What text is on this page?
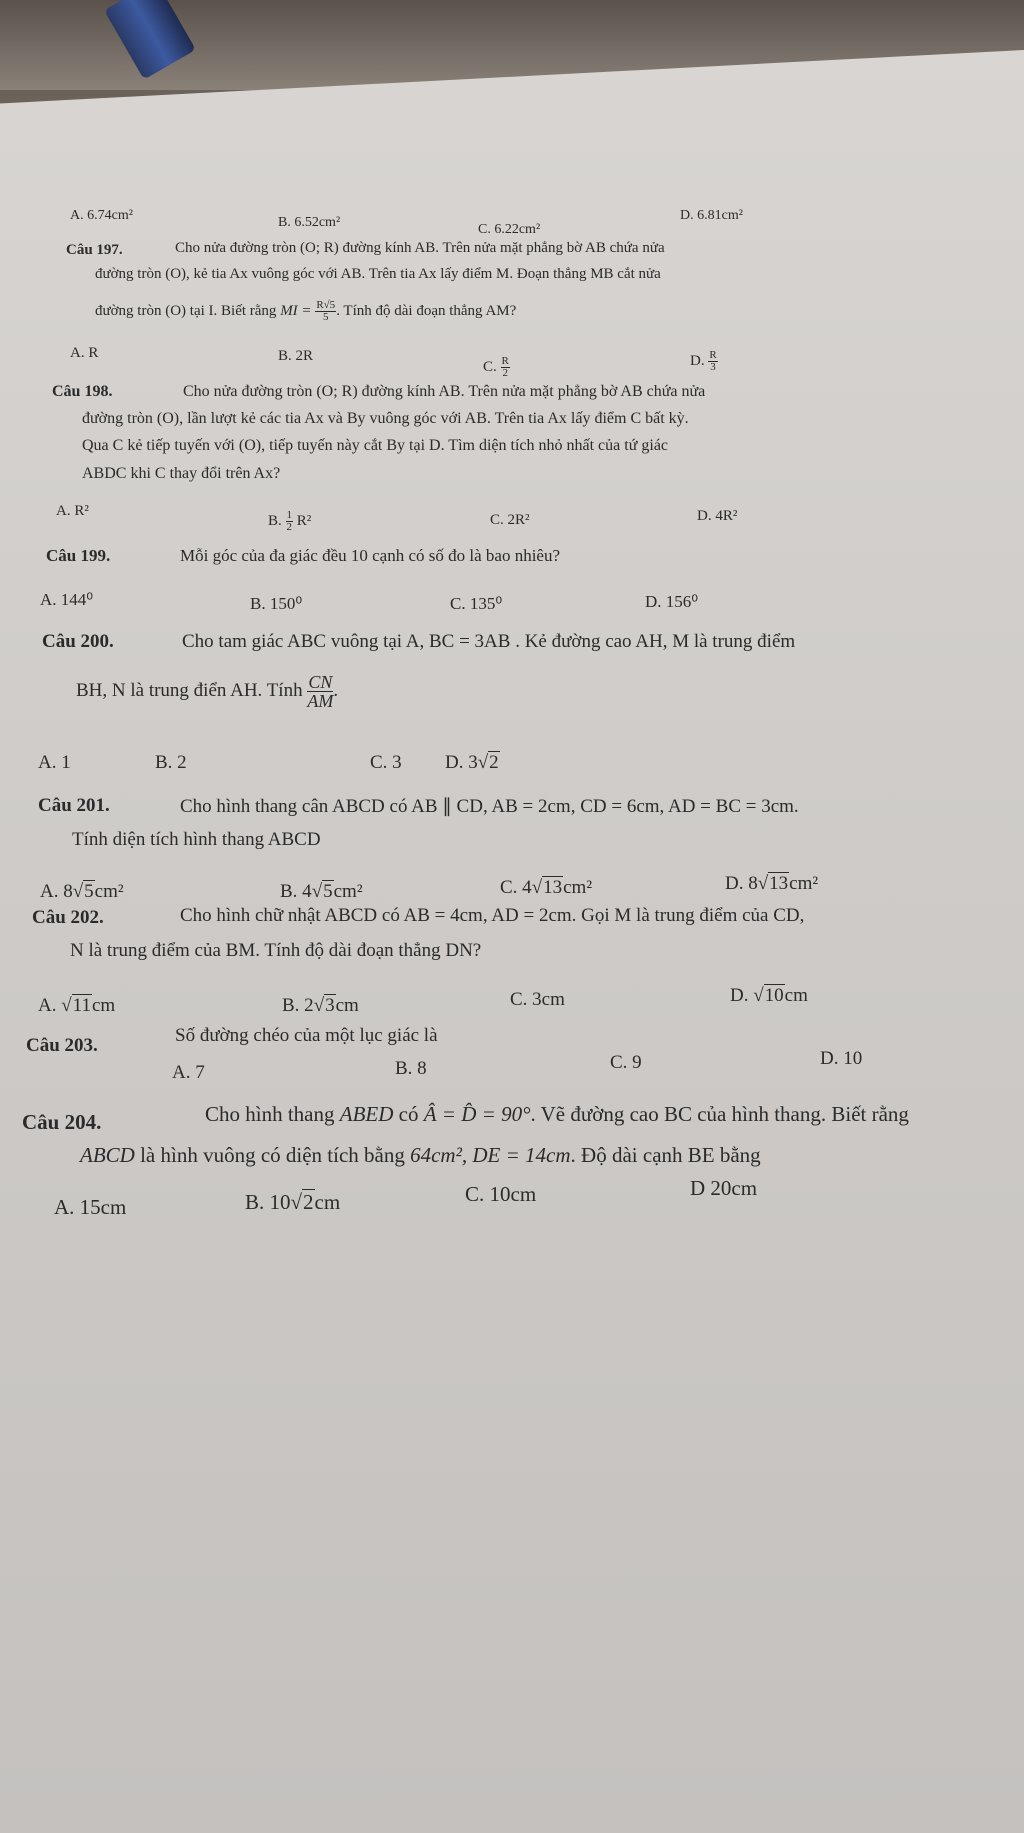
A. 6.74cm²	B. 6.52cm²	C. 6.22cm²
D. 6.81cm²
Câu 197.	Cho nửa đường tròn (O; R) đường kính AB. Trên nửa mặt phẳng bờ AB chứa nửa
đường tròn (O), kẻ tia Ax vuông góc với AB. Trên tia Ax lấy điểm M. Đoạn thẳng MB cắt nửa
đường tròn (O) tại I. Biết rằng MI = $\frac{R√5}{5}$ . Tính độ dài đoạn thẳng AM?
A. R	B. 2R
C. $\frac{R}{2}$	D. $\frac{R}{3}$
Câu 198.	Cho nửa đường tròn (O; R) đường kính AB. Trên nửa mặt phẳng bờ AB chứa nửa
đường tròn (O), lần lượt kẻ các tia Ax và By vuông góc với AB. Trên tia Ax lấy điểm C bất kỳ.
Qua C kẻ tiếp tuyến với (O), tiếp tuyến này cắt By tại D. Tìm diện tích nhỏ nhất của tứ giác
ABDC khi C thay đổi trên Ax?
A. R²
B. $\frac{1}{2} R^2$	C. 2R²	D. 4R²
Câu 199.	Mỗi góc của đa giác đều 10 cạnh có số đo là bao nhiêu?
A. 144⁰	B. 150⁰	C. 135⁰	D. 156⁰
Câu 200.	Cho tam giác ABC vuông tại A, BC = 3AB . Kẻ đường cao AH, M là trung điểm
BH, N là trung điển AH. Tính $\frac{CN}{AM}$ .
A. 1	B. 2	C. 3 D. 3√2
Câu 201.	Cho hình thang cân ABCD có AB ∥ CD, AB = 2cm, CD = 6cm, AD = BC = 3cm.
Tính diện tích hình thang ABCD
A. 8√5cm²	B. 4√5cm²	C. 4√13cm²	D. 8√13cm²
Câu 202.	Cho hình chữ nhật ABCD có AB = 4cm, AD = 2cm. Gọi M là trung điểm của CD,
N là trung điểm của BM. Tính độ dài đoạn thẳng DN?
A. √11cm	B. 2√3cm	C. 3cm	D. √10cm
Câu 203.	Số đường chéo của một lục giác là
A. 7	B. 8	C. 9	D. 10
Câu 204.	Cho hình thang ABED có Â = D̂ = 90°. Vẽ đường cao BC của hình thang. Biết rằng
ABCD là hình vuông có diện tích bằng 64cm², DE = 14cm. Độ dài cạnh BE bằng
A. 15cm	B. 10√2cm	C. 10cm	D 20cm
